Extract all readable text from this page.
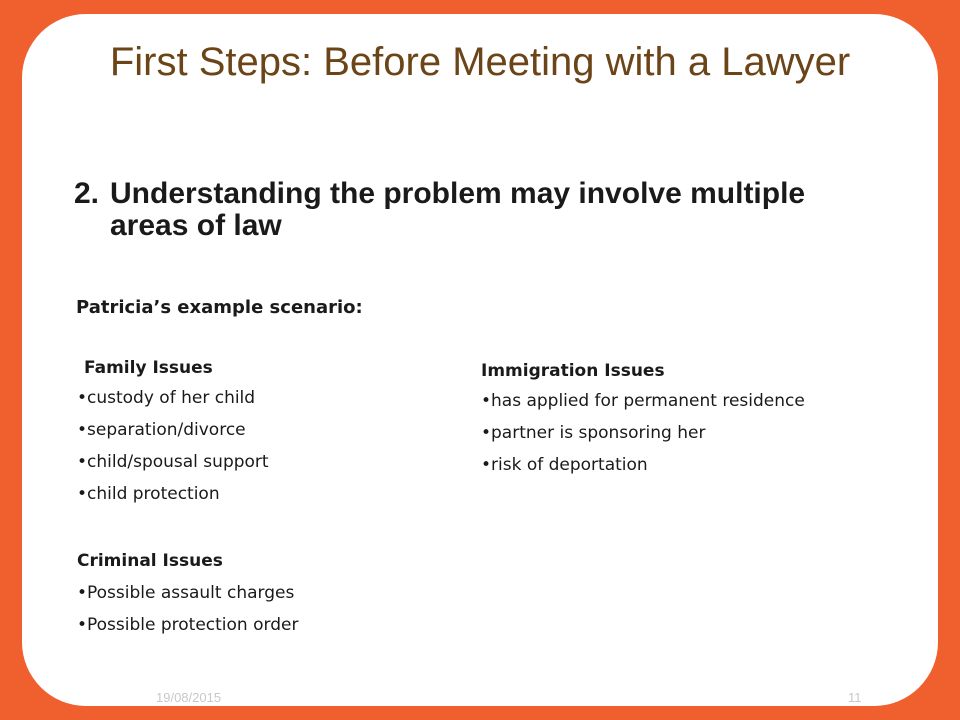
First Steps: Before Meeting with a Lawyer
2. Understanding the problem may involve multiple areas of law

Patricia’s example scenario:

Family Issues
• custody of her child
• separation/divorce
• child/spousal support
• child protection
Criminal Issues
• Possible assault charges
• Possible protection order
Immigration Issues
• has applied for permanent residence
• partner is sponsoring her
• risk of deportation
19/08/2015	11
